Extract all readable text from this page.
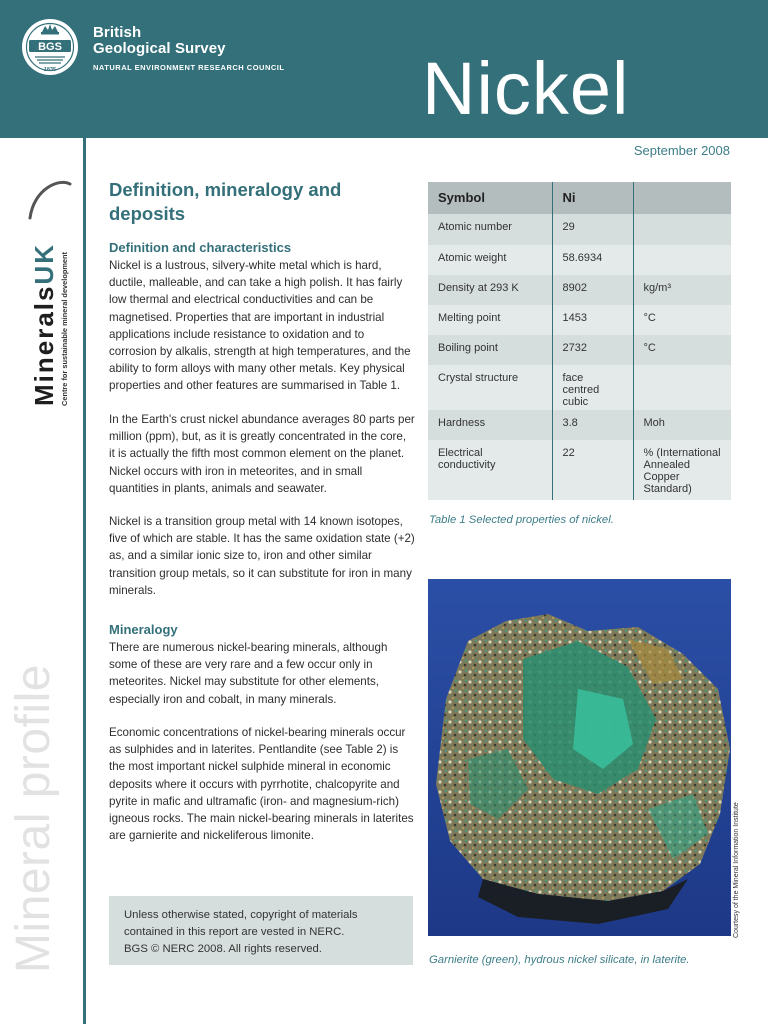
BGS
1835
British
Geological Survey
NATURAL ENVIRONMENT RESEARCH COUNCIL Nickel
September 2008
MineralsUK Centre for sustainable mineral development
Mineral profile
Definition, mineralogy and deposits
Definition and characteristics
Nickel is a lustrous, silvery-white metal which is hard, ductile, malleable, and can take a high polish. It has fairly low thermal and electrical conductivities and can be magnetised. Properties that are important in industrial applications include resistance to oxidation and to corrosion by alkalis, strength at high temperatures, and the ability to form alloys with many other metals. Key physical properties and other features are summarised in Table 1.
In the Earth's crust nickel abundance averages 80 parts per million (ppm), but, as it is greatly concentrated in the core, it is actually the fifth most common element on the planet. Nickel occurs with iron in meteorites, and in small quantities in plants, animals and seawater.
Nickel is a transition group metal with 14 known isotopes, five of which are stable. It has the same oxidation state (+2) as, and a similar ionic size to, iron and other similar transition group metals, so it can substitute for iron in many minerals.
Mineralogy
There are numerous nickel-bearing minerals, although some of these are very rare and a few occur only in meteorites. Nickel may substitute for other elements, especially iron and cobalt, in many minerals.
Economic concentrations of nickel-bearing minerals occur as sulphides and in laterites. Pentlandite (see Table 2) is the most important nickel sulphide mineral in economic deposits where it occurs with pyrrhotite, chalcopyrite and pyrite in mafic and ultramafic (iron- and magnesium-rich) igneous rocks. The main nickel-bearing minerals in laterites are garnierite and nickeliferous limonite.
Unless otherwise stated, copyright of materials
contained in this report are vested in NERC.
BGS © NERC 2008. All rights reserved.
Symbol	Ni	
Atomic number	29	
Atomic weight	58.6934	
Density at 293 K	8902	kg/m³
Melting point	1453	°C
Boiling point	2732	°C
Crystal structure	face centred cubic	
Hardness	3.8	Moh
Electrical conductivity	22	% (International Annealed Copper Standard)
Table 1 Selected properties of nickel.
Courtesy of the Mineral Information Institute
Garnierite (green), hydrous nickel silicate, in laterite.
